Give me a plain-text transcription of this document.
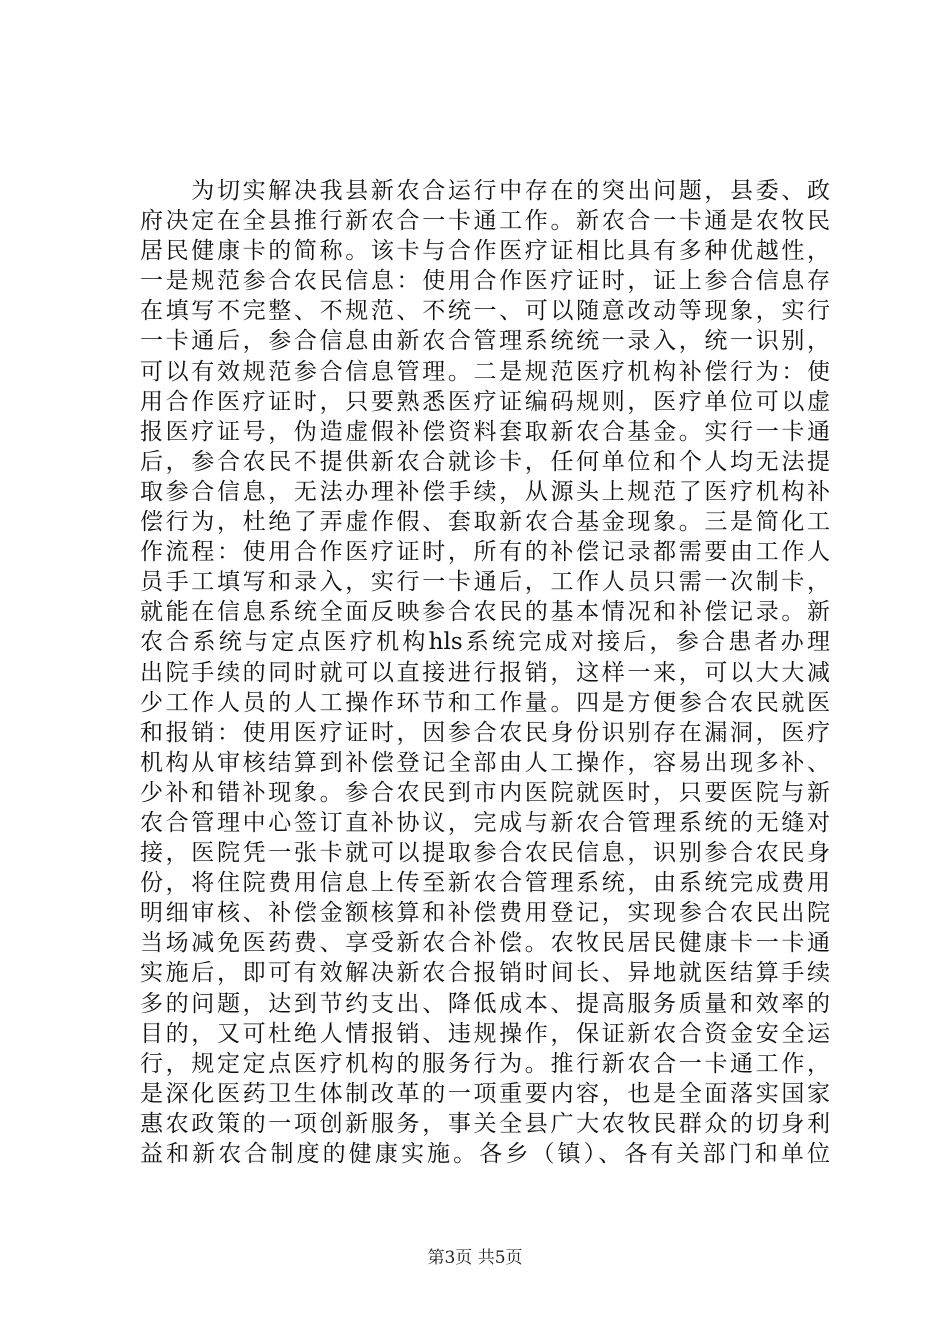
　　为切实解决我县新农合运行中存在的突出问题，县委、政
府决定在全县推行新农合一卡通工作。新农合一卡通是农牧民
居民健康卡的简称。该卡与合作医疗证相比具有多种优越性，
一是规范参合农民信息：使用合作医疗证时，证上参合信息存
在填写不完整、不规范、不统一、可以随意改动等现象，实行
一卡通后，参合信息由新农合管理系统统一录入，统一识别，
可以有效规范参合信息管理。二是规范医疗机构补偿行为：使
用合作医疗证时，只要熟悉医疗证编码规则，医疗单位可以虚
报医疗证号，伪造虚假补偿资料套取新农合基金。实行一卡通
后，参合农民不提供新农合就诊卡，任何单位和个人均无法提
取参合信息，无法办理补偿手续，从源头上规范了医疗机构补
偿行为，杜绝了弄虚作假、套取新农合基金现象。三是简化工
作流程：使用合作医疗证时，所有的补偿记录都需要由工作人
员手工填写和录入，实行一卡通后，工作人员只需一次制卡，
就能在信息系统全面反映参合农民的基本情况和补偿记录。新
农合系统与定点医疗机构hls系统完成对接后，参合患者办理
出院手续的同时就可以直接进行报销，这样一来，可以大大减
少工作人员的人工操作环节和工作量。四是方便参合农民就医
和报销：使用医疗证时，因参合农民身份识别存在漏洞，医疗
机构从审核结算到补偿登记全部由人工操作，容易出现多补、
少补和错补现象。参合农民到市内医院就医时，只要医院与新
农合管理中心签订直补协议，完成与新农合管理系统的无缝对
接，医院凭一张卡就可以提取参合农民信息，识别参合农民身
份，将住院费用信息上传至新农合管理系统，由系统完成费用
明细审核、补偿金额核算和补偿费用登记，实现参合农民出院
当场减免医药费、享受新农合补偿。农牧民居民健康卡一卡通
实施后，即可有效解决新农合报销时间长、异地就医结算手续
多的问题，达到节约支出、降低成本、提高服务质量和效率的
目的，又可杜绝人情报销、违规操作，保证新农合资金安全运
行，规定定点医疗机构的服务行为。推行新农合一卡通工作，
是深化医药卫生体制改革的一项重要内容，也是全面落实国家
惠农政策的一项创新服务，事关全县广大农牧民群众的切身利
益和新农合制度的健康实施。各乡（镇）、各有关部门和单位
第3页 共5页
